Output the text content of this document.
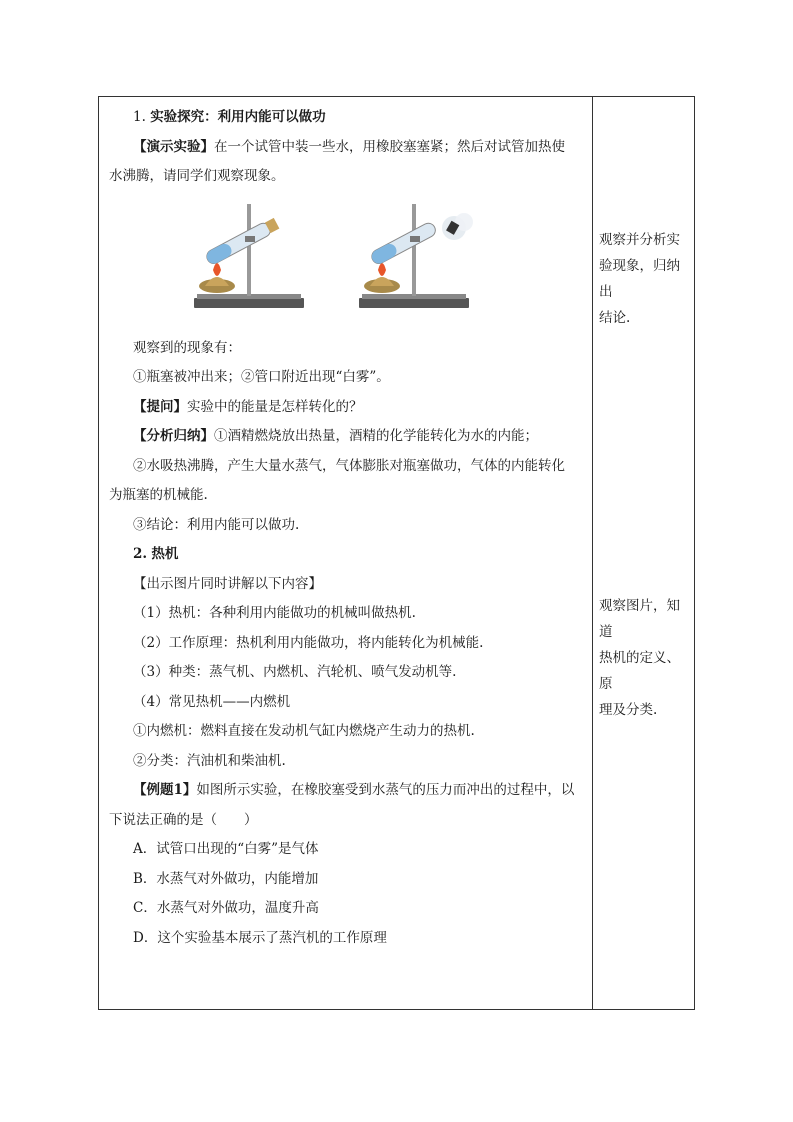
1. 实验探究：利用内能可以做功
【演示实验】在一个试管中装一些水，用橡胶塞塞紧；然后对试管加热使
水沸腾，请同学们观察现象。
观察到的现象有：
①瓶塞被冲出来；②管口附近出现“白雾”。
【提问】实验中的能量是怎样转化的？
【分析归纳】①酒精燃烧放出热量，酒精的化学能转化为水的内能；
②水吸热沸腾，产生大量水蒸气，气体膨胀对瓶塞做功，气体的内能转化
为瓶塞的机械能.
③结论：利用内能可以做功.
2. 热机
【出示图片同时讲解以下内容】
（1）热机：各种利用内能做功的机械叫做热机.
（2）工作原理：热机利用内能做功，将内能转化为机械能.
（3）种类：蒸气机、内燃机、汽轮机、喷气发动机等.
（4）常见热机——内燃机
①内燃机：燃料直接在发动机气缸内燃烧产生动力的热机.
②分类：汽油机和柴油机.
【例题1】如图所示实验，在橡胶塞受到水蒸气的压力而冲出的过程中，以
下说法正确的是（　　）
A．试管口出现的“白雾”是气体
B．水蒸气对外做功，内能增加
C．水蒸气对外做功，温度升高
D．这个实验基本展示了蒸汽机的工作原理
观察并分析实
验现象，归纳出
结论.
观察图片，知道
热机的定义、原
理及分类.
